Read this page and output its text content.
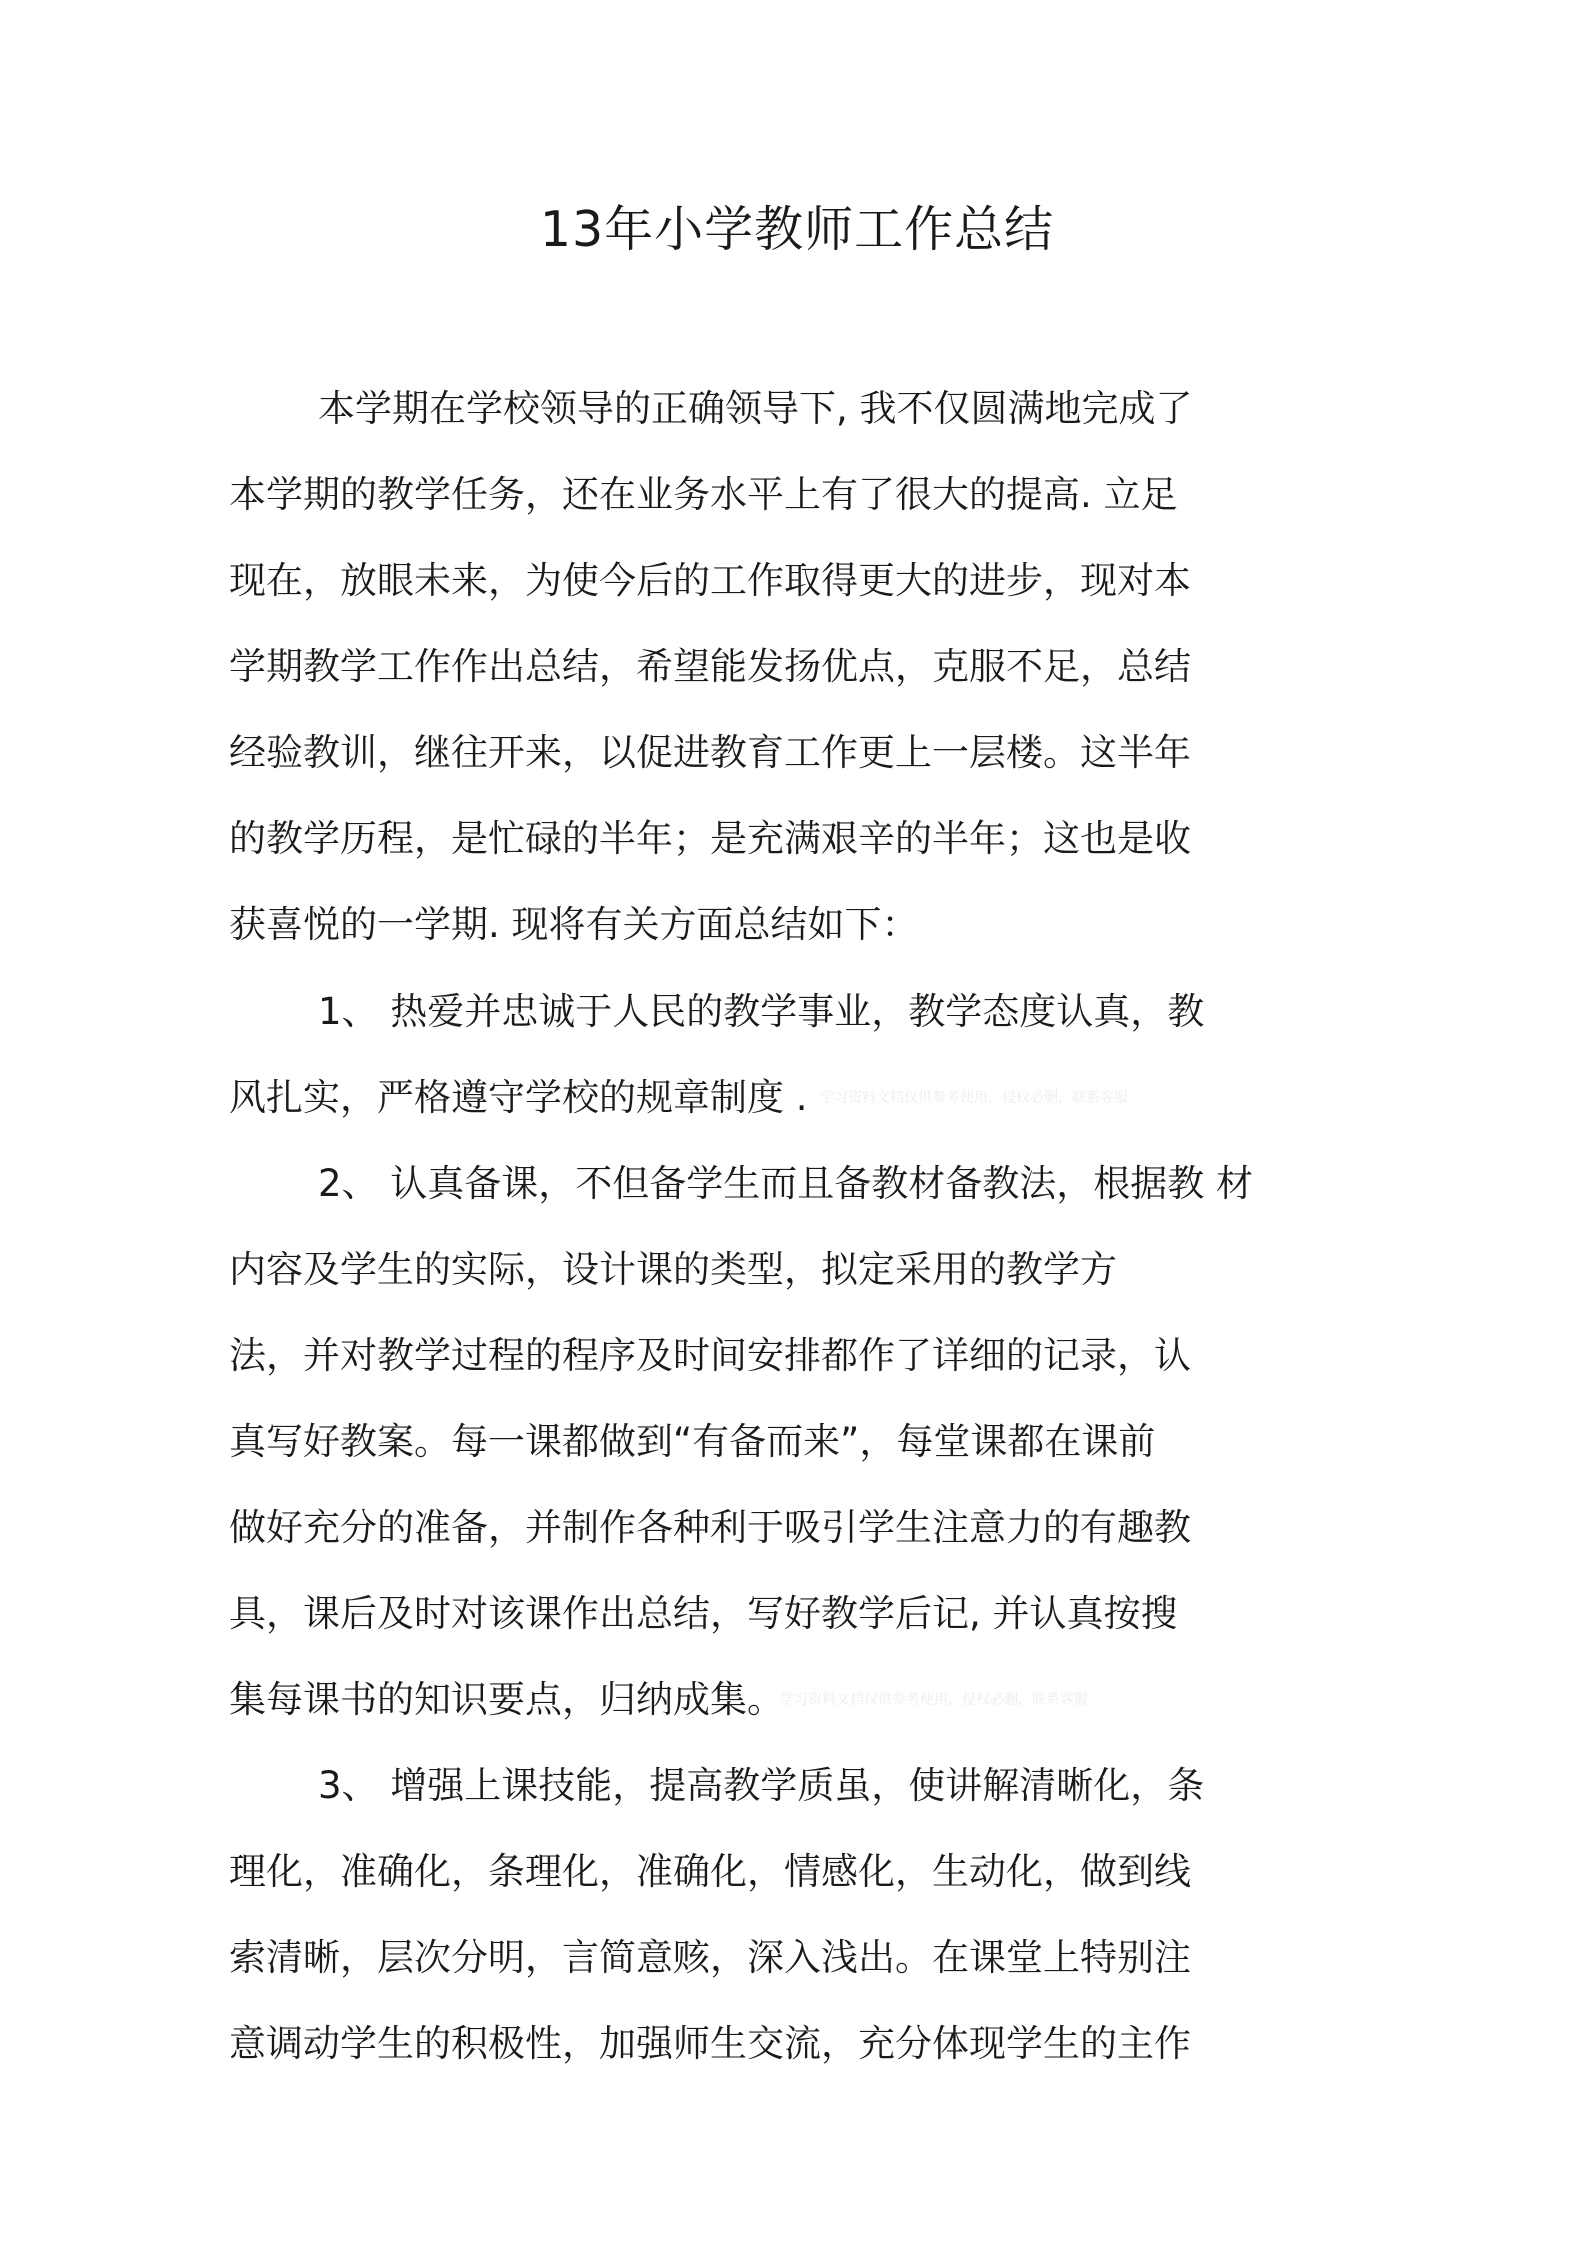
13年小学教师工作总结
本学期在学校领导的正确领导下, 我不仅圆满地完成了
本学期的教学任务，还在业务水平上有了很大的提高. 立足
现在，放眼未来，为使今后的工作取得更大的进步，现对本
学期教学工作作出总结，希望能发扬优点，克服不足，总结
经验教训，继往开来，以促进教育工作更上一层楼。这半年
的教学历程，是忙碌的半年；是充满艰辛的半年；这也是收
获喜悦的一学期. 现将有关方面总结如下：
1、 热爱并忠诚于人民的教学事业，教学态度认真，教
风扎实，严格遵守学校的规章制度 . 学习资料文档仅供参考使用，侵权必删，联系客服
2、 认真备课，不但备学生而且备教材备教法，根据教 材
内容及学生的实际，设计课的类型，拟定采用的教学方
法，并对教学过程的程序及时间安排都作了详细的记录，认
真写好教案。每一课都做到“有备而来”，每堂课都在课前
做好充分的准备，并制作各种利于吸引学生注意力的有趣教
具，课后及时对该课作出总结，写好教学后记, 并认真按搜
集每课书的知识要点，归纳成集。
学习资料文档仅供参考使用，侵权必删，联系客服
3、 增强上课技能，提高教学质虽，使讲解清晰化，条
理化，准确化，条理化，准确化，情感化，生动化，做到线
索清晰，层次分明，言简意赅，深入浅出。在课堂上特别注
意调动学生的积极性，加强师生交流，充分体现学生的主作
